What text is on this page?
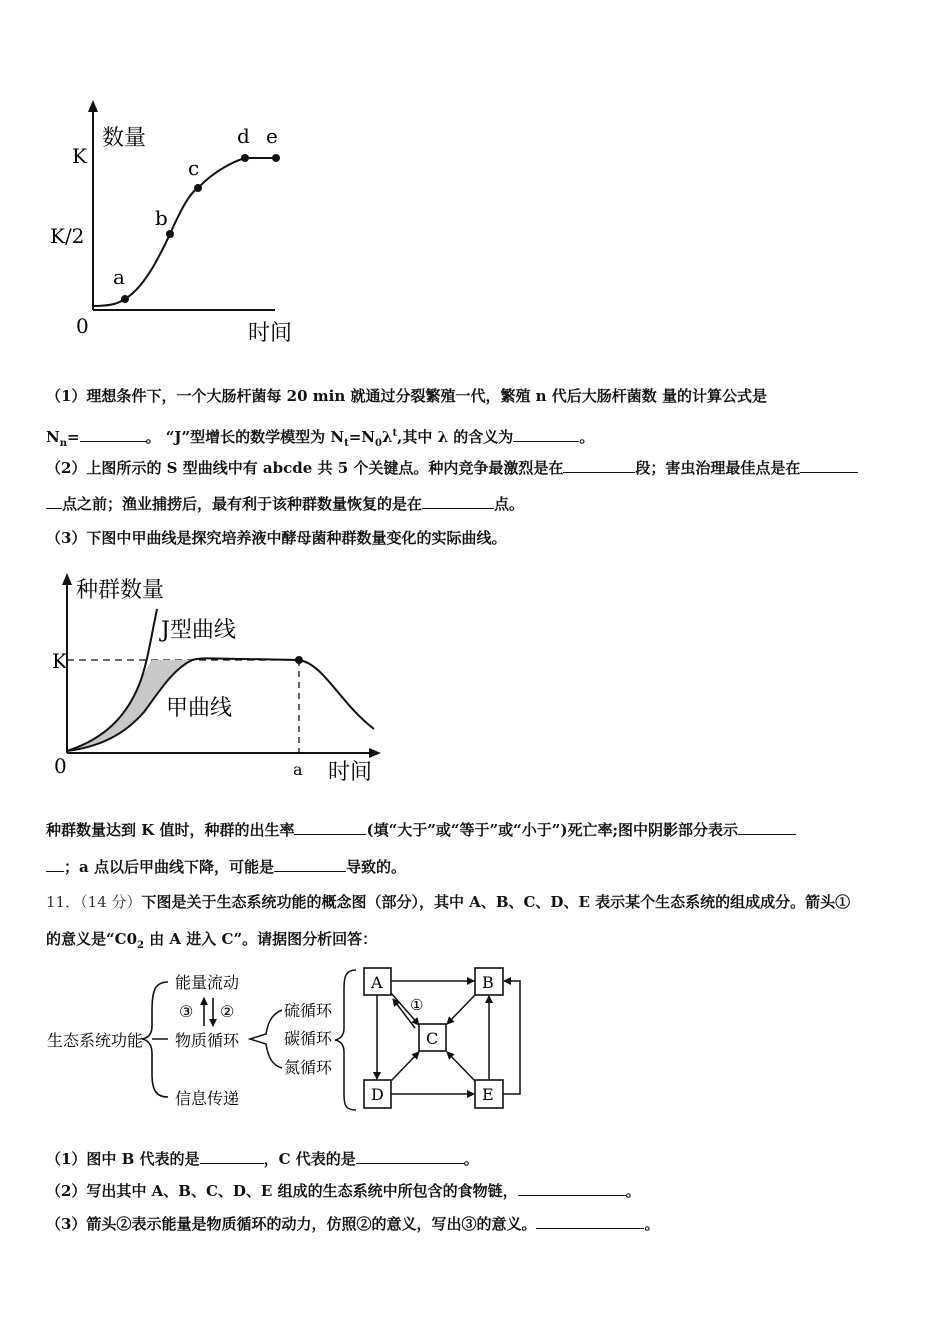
数量
时间
K
K/2
0
a
b
c
d e
（1）理想条件下，一个大肠杆菌每 20 min 就通过分裂繁殖一代，繁殖 n 代后大肠杆菌数 量的计算公式是
$N_n=$	。 “J”型增长的数学模型为 $N_t=N_0\lambda^t$,其中 λ 的含义为	。
（2）上图所示的 S 型曲线中有 abcde 共 5 个关键点。种内竞争最激烈是在	段；害虫治理最佳点是在
点之前；渔业捕捞后，最有利于该种群数量恢复的是在	点。
（3）下图中甲曲线是探究培养液中酵母菌种群数量变化的实际曲线。
种群数量
K
0	a 时间
J型曲线
甲曲线
种群数量达到 K 值时，种群的出生率	(填“大于”或“等于”或“小于”)死亡率;图中阴影部分表示
；a 点以后甲曲线下降，可能是	导致的。
11．（14 分）下图是关于生态系统功能的概念图（部分），其中 A、B、C、D、E 表示某个生态系统的组成成分。箭头①
的意义是“$C0_2$ 由 A 进入 C”。请据图分析回答：
生态系统功能
能量流动
物质循环
信息传递
③ ②	硫循环
碳循环
氮循环
A	B
C
D	E
①
（1）图中 B 代表的是	，C 代表的是	。
（2）写出其中 A、B、C、D、E 组成的生态系统中所包含的食物链，	。
（3）箭头②表示能量是物质循环的动力，仿照②的意义，写出③的意义。	。
